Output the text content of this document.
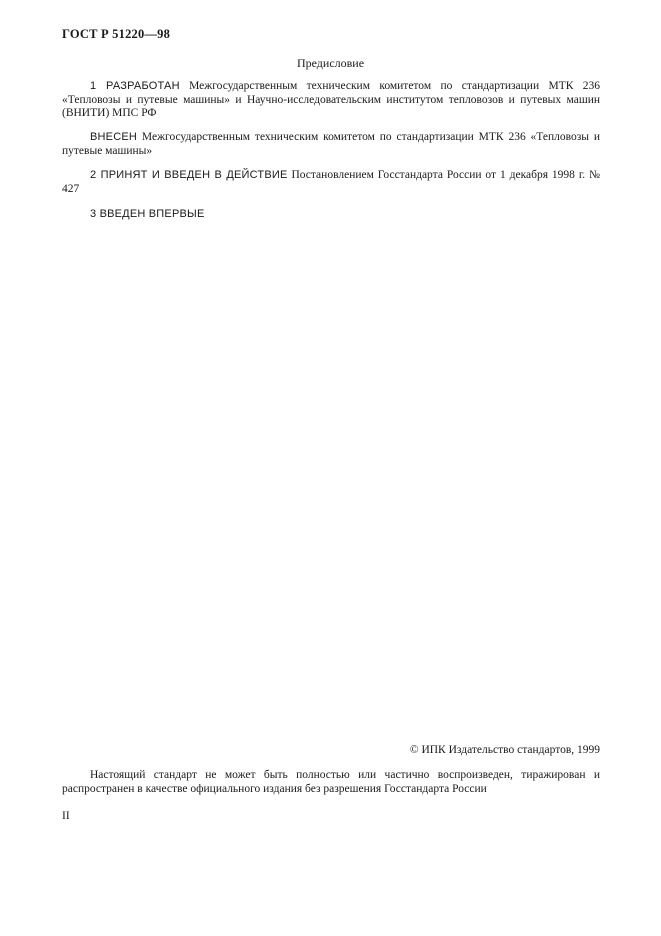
ГОСТ Р 51220—98
Предисловие
1 РАЗРАБОТАН Межгосударственным техническим комитетом по стандартизации МТК 236 «Тепловозы и путевые машины» и Научно-исследовательским институтом тепловозов и путевых машин (ВНИТИ) МПС РФ
ВНЕСЕН Межгосударственным техническим комитетом по стандартизации МТК 236 «Тепловозы и путевые машины»
2 ПРИНЯТ И ВВЕДЕН В ДЕЙСТВИЕ Постановлением Госстандарта России от 1 декабря 1998 г. № 427
3 ВВЕДЕН ВПЕРВЫЕ
© ИПК Издательство стандартов, 1999
Настоящий стандарт не может быть полностью или частично воспроизведен, тиражирован и распространен в качестве официального издания без разрешения Госстандарта России
II
